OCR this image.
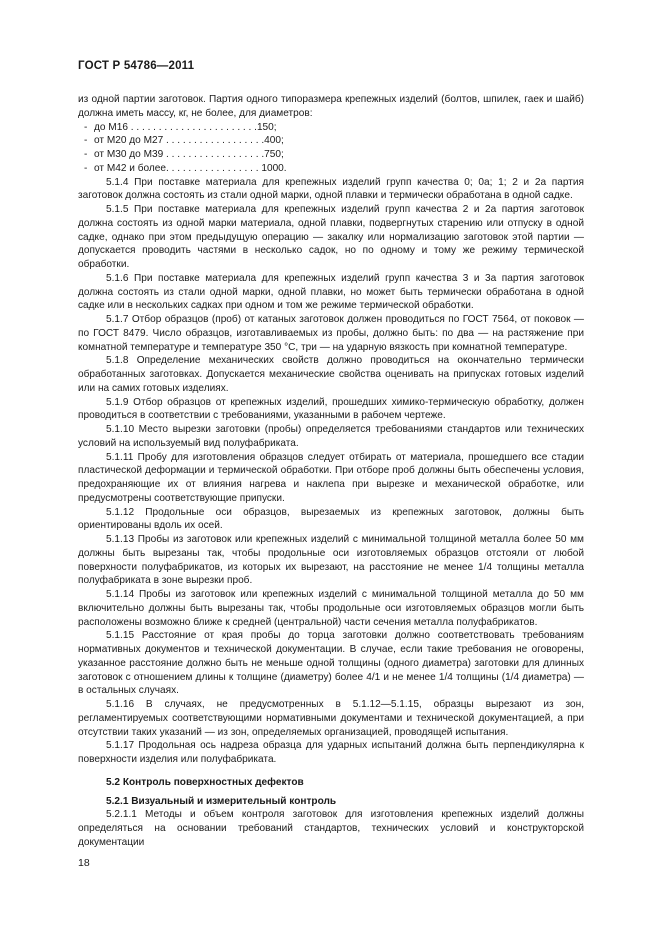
ГОСТ Р 54786—2011

из одной партии заготовок. Партия одного типоразмера крепежных изделий (болтов, шпилек, гаек и шайб) должна иметь массу, кг, не более, для диаметров:

- до М16 . . . . . . . . . . . . . . . . . . . . . . .150;
- от М20 до М27 . . . . . . . . . . . . . . . . . .400;
- от М30 до М39 . . . . . . . . . . . . . . . . . .750;
- от М42 и более. . . . . . . . . . . . . . . . . 1000.

5.1.4 При поставке материала для крепежных изделий групп качества 0; 0а; 1; 2 и 2а партия заготовок должна состоять из стали одной марки, одной плавки и термически обработана в одной садке.

5.1.5 При поставке материала для крепежных изделий групп качества 2 и 2а партия заготовок должна состоять из одной марки материала, одной плавки, подвергнутых старению или отпуску в одной садке, однако при этом предыдущую операцию — закалку или нормализацию заготовок этой партии — допускается проводить частями в несколько садок, но по одному и тому же режиму термической обработки.

5.1.6 При поставке материала для крепежных изделий групп качества 3 и 3а партия заготовок должна состоять из стали одной марки, одной плавки, но может быть термически обработана в одной садке или в нескольких садках при одном и том же режиме термической обработки.

5.1.7 Отбор образцов (проб) от катаных заготовок должен проводиться по ГОСТ 7564, от поковок — по ГОСТ 8479. Число образцов, изготавливаемых из пробы, должно быть: по два — на растяжение при комнатной температуре и температуре 350 °С, три — на ударную вязкость при комнатной температуре.

5.1.8 Определение механических свойств должно проводиться на окончательно термически обработанных заготовках. Допускается механические свойства оценивать на припусках готовых изделий или на самих готовых изделиях.

5.1.9 Отбор образцов от крепежных изделий, прошедших химико-термическую обработку, должен проводиться в соответствии с требованиями, указанными в рабочем чертеже.

5.1.10 Место вырезки заготовки (пробы) определяется требованиями стандартов или технических условий на используемый вид полуфабриката.

5.1.11 Пробу для изготовления образцов следует отбирать от материала, прошедшего все стадии пластической деформации и термической обработки. При отборе проб должны быть обеспечены условия, предохраняющие их от влияния нагрева и наклепа при вырезке и механической обработке, или предусмотрены соответствующие припуски.

5.1.12 Продольные оси образцов, вырезаемых из крепежных заготовок, должны быть ориентированы вдоль их осей.

5.1.13 Пробы из заготовок или крепежных изделий с минимальной толщиной металла более 50 мм должны быть вырезаны так, чтобы продольные оси изготовляемых образцов отстояли от любой поверхности полуфабрикатов, из которых их вырезают, на расстояние не менее 1/4 толщины металла полуфабриката в зоне вырезки проб.

5.1.14 Пробы из заготовок или крепежных изделий с минимальной толщиной металла до 50 мм включительно должны быть вырезаны так, чтобы продольные оси изготовляемых образцов могли быть расположены возможно ближе к средней (центральной) части сечения металла полуфабрикатов.

5.1.15 Расстояние от края пробы до торца заготовки должно соответствовать требованиям нормативных документов и технической документации. В случае, если такие требования не оговорены, указанное расстояние должно быть не меньше одной толщины (одного диаметра) заготовки для длинных заготовок с отношением длины к толщине (диаметру) более 4/1 и не менее 1/4 толщины (1/4 диаметра) — в остальных случаях.

5.1.16 В случаях, не предусмотренных в 5.1.12—5.1.15, образцы вырезают из зон, регламентируемых соответствующими нормативными документами и технической документацией, а при отсутствии таких указаний — из зон, определяемых организацией, проводящей испытания.

5.1.17 Продольная ось надреза образца для ударных испытаний должна быть перпендикулярна к поверхности изделия или полуфабриката.

5.2 Контроль поверхностных дефектов

5.2.1 Визуальный и измерительный контроль

5.2.1.1 Методы и объем контроля заготовок для изготовления крепежных изделий должны определяться на основании требований стандартов, технических условий и конструкторской документации

18
